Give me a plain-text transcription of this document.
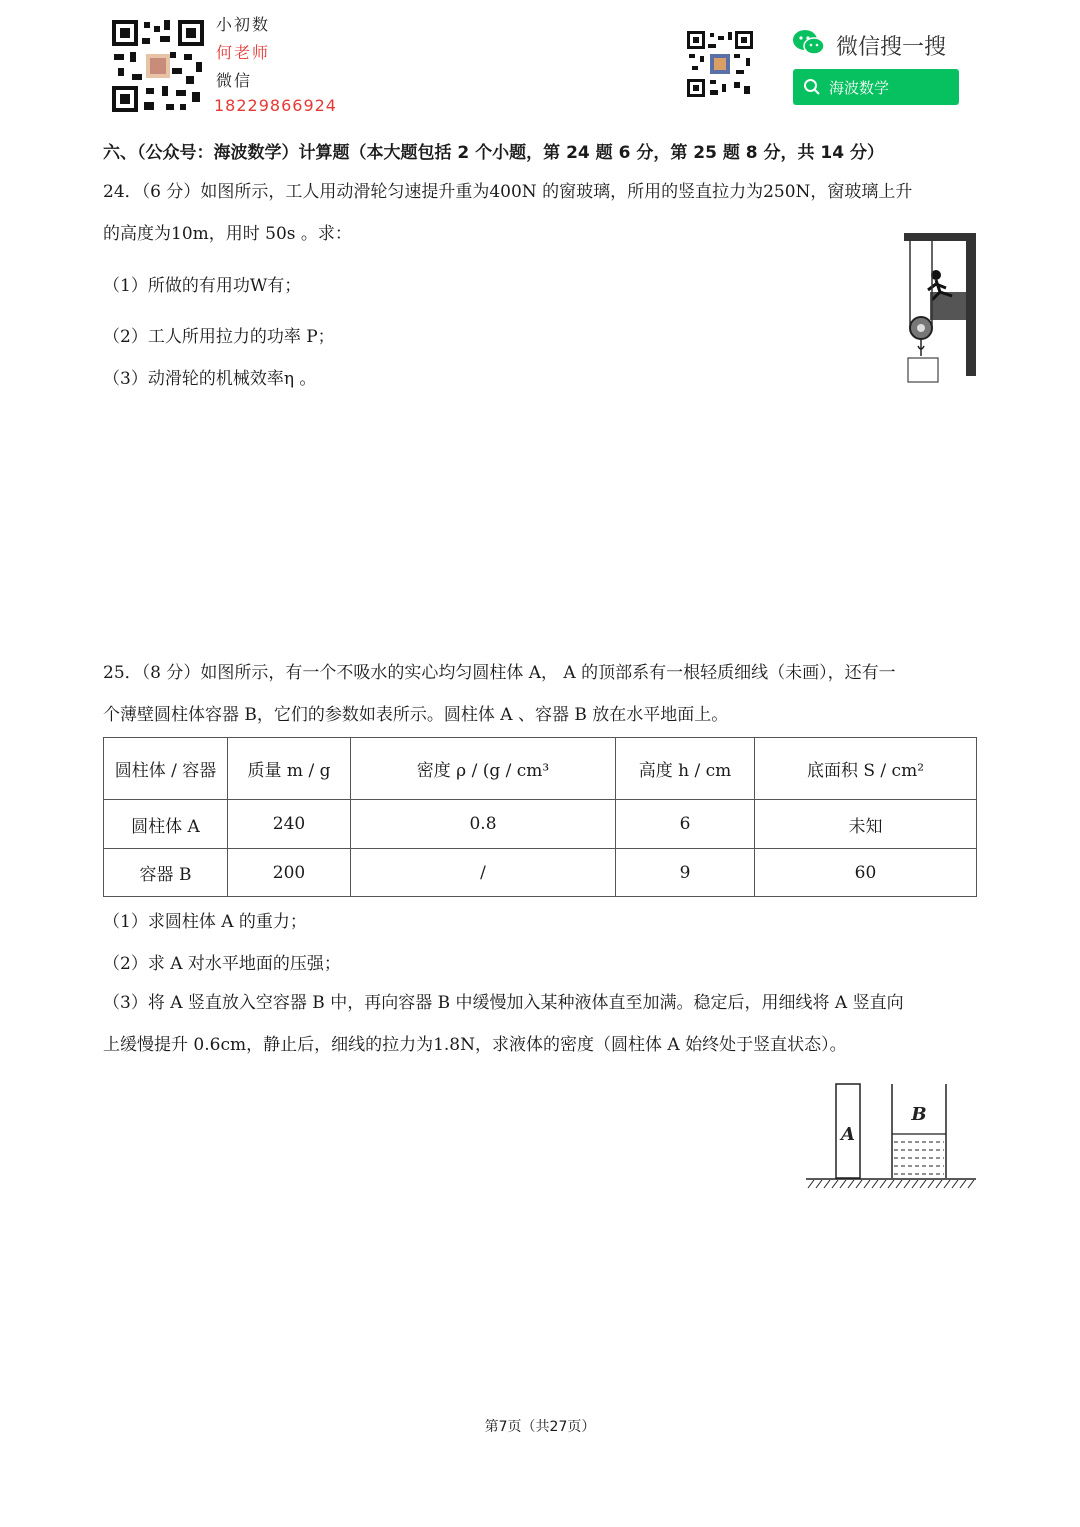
小初数
何老师
微信
18229866924
微信搜一搜
海波数学
六、（公众号：海波数学）计算题（本大题包括 2 个小题，第 24 题 6 分，第 25 题 8 分，共 14 分）
24．（6 分）如图所示，工人用动滑轮匀速提升重为400N 的窗玻璃，所用的竖直拉力为250N，窗玻璃上升
的高度为10m，用时 50s 。求：
（1）所做的有用功W有；
（2）工人所用拉力的功率 P；
（3）动滑轮的机械效率η 。
25．（8 分）如图所示，有一个不吸水的实心均匀圆柱体 A， A 的顶部系有一根轻质细线（未画），还有一
个薄壁圆柱体容器 B，它们的参数如表所示。圆柱体 A 、容器 B 放在水平地面上。
圆柱体 / 容器	质量 m / g	密度 ρ / (g / cm³	高度 h / cm	底面积 S / cm²
圆柱体 A	240	0.8	6	未知
容器 B	200	/	9	60
（1）求圆柱体 A 的重力；
（2）求 A 对水平地面的压强；
（3）将 A 竖直放入空容器 B 中，再向容器 B 中缓慢加入某种液体直至加满。稳定后，用细线将 A 竖直向
上缓慢提升 0.6cm，静止后，细线的拉力为1.8N，求液体的密度（圆柱体 A 始终处于竖直状态）。
A
B
第7页（共27页）
